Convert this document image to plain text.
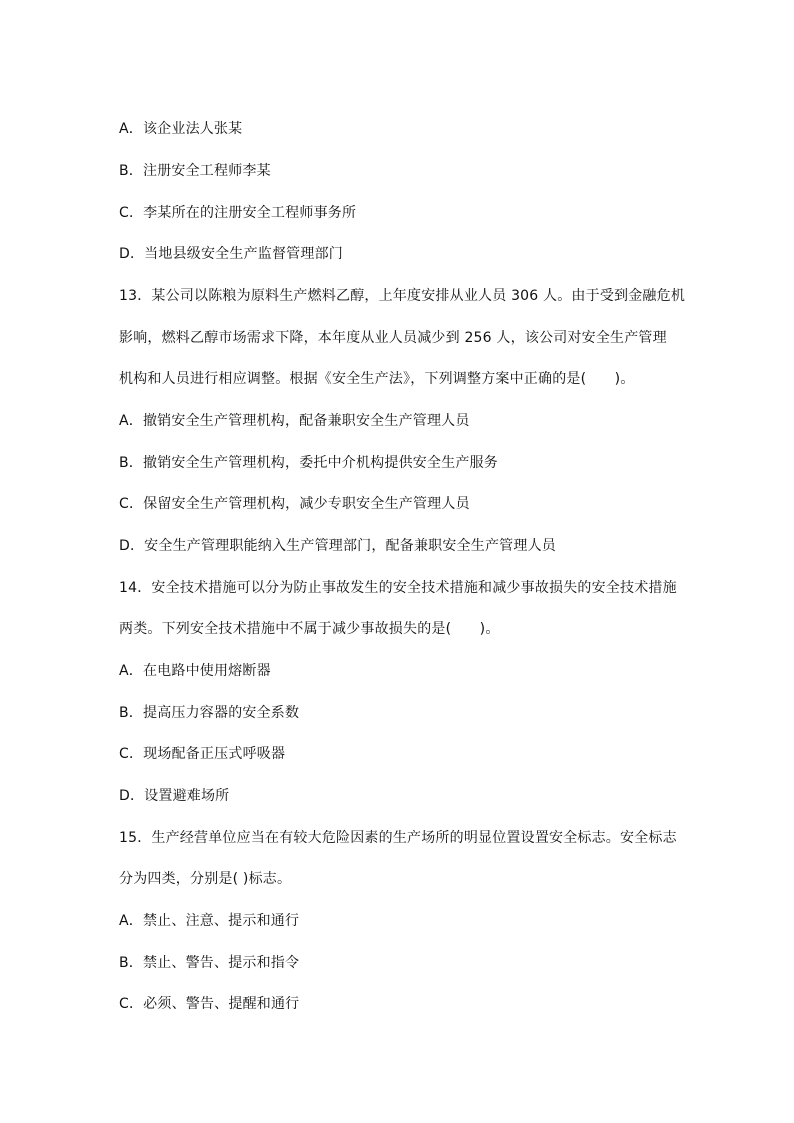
A．该企业法人张某
B．注册安全工程师李某
C．李某所在的注册安全工程师事务所
D．当地县级安全生产监督管理部门
13．某公司以陈粮为原料生产燃料乙醇，上年度安排从业人员 306 人。由于受到金融危机
影响，燃料乙醇市场需求下降，本年度从业人员减少到 256 人，该公司对安全生产管理
机构和人员进行相应调整。根据《安全生产法》，下列调整方案中正确的是(　　)。
A．撤销安全生产管理机构，配备兼职安全生产管理人员
B．撤销安全生产管理机构，委托中介机构提供安全生产服务
C．保留安全生产管理机构，减少专职安全生产管理人员
D．安全生产管理职能纳入生产管理部门，配备兼职安全生产管理人员
14．安全技术措施可以分为防止事故发生的安全技术措施和减少事故损失的安全技术措施
两类。下列安全技术措施中不属于减少事故损失的是(　　)。
A．在电路中使用熔断器
B．提高压力容器的安全系数
C．现场配备正压式呼吸器
D．设置避难场所
15．生产经营单位应当在有较大危险因素的生产场所的明显位置设置安全标志。安全标志
分为四类，分别是( )标志。
A．禁止、注意、提示和通行
B．禁止、警告、提示和指令
C．必须、警告、提醒和通行
